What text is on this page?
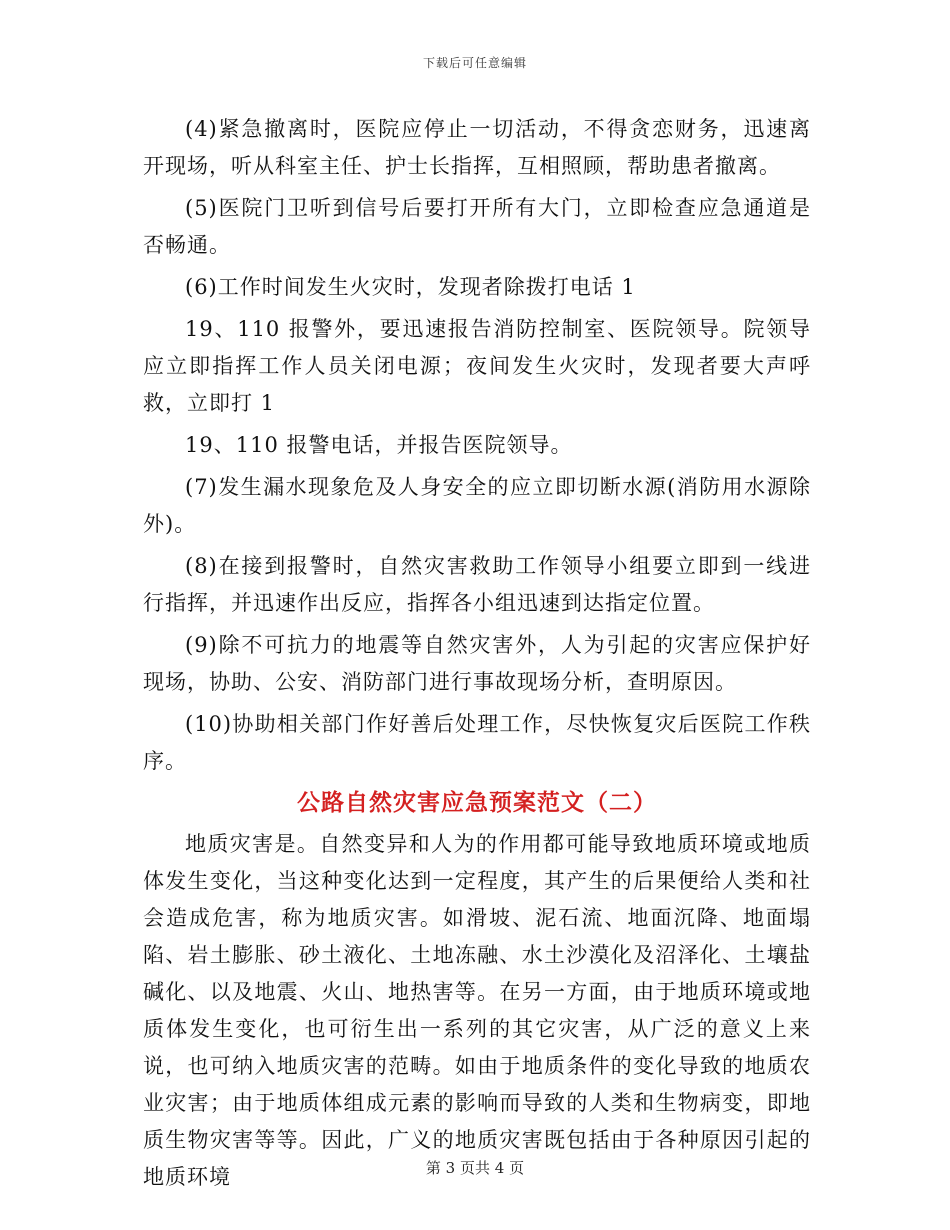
下载后可任意编辑

(4)紧急撤离时，医院应停止一切活动，不得贪恋财务，迅速离开现场，听从科室主任、护士长指挥，互相照顾，帮助患者撤离。

(5)医院门卫听到信号后要打开所有大门，立即检查应急通道是否畅通。

(6)工作时间发生火灾时，发现者除拨打电话 1

19、110 报警外，要迅速报告消防控制室、医院领导。院领导应立即指挥工作人员关闭电源；夜间发生火灾时，发现者要大声呼救，立即打 1

19、110 报警电话，并报告医院领导。

(7)发生漏水现象危及人身安全的应立即切断水源(消防用水源除外)。

(8)在接到报警时，自然灾害救助工作领导小组要立即到一线进行指挥，并迅速作出反应，指挥各小组迅速到达指定位置。

(9)除不可抗力的地震等自然灾害外，人为引起的灾害应保护好现场，协助、公安、消防部门进行事故现场分析，查明原因。

(10)协助相关部门作好善后处理工作，尽快恢复灾后医院工作秩序。

公路自然灾害应急预案范文（二）

地质灾害是。自然变异和人为的作用都可能导致地质环境或地质体发生变化，当这种变化达到一定程度，其产生的后果便给人类和社会造成危害，称为地质灾害。如滑坡、泥石流、地面沉降、地面塌陷、岩土膨胀、砂土液化、土地冻融、水土沙漠化及沼泽化、土壤盐碱化、以及地震、火山、地热害等。在另一方面，由于地质环境或地质体发生变化，也可衍生出一系列的其它灾害，从广泛的意义上来说，也可纳入地质灾害的范畴。如由于地质条件的变化导致的地质农业灾害；由于地质体组成元素的影响而导致的人类和生物病变，即地质生物灾害等等。因此，广义的地质灾害既包括由于各种原因引起的地质环境	第 3 页共 4 页
